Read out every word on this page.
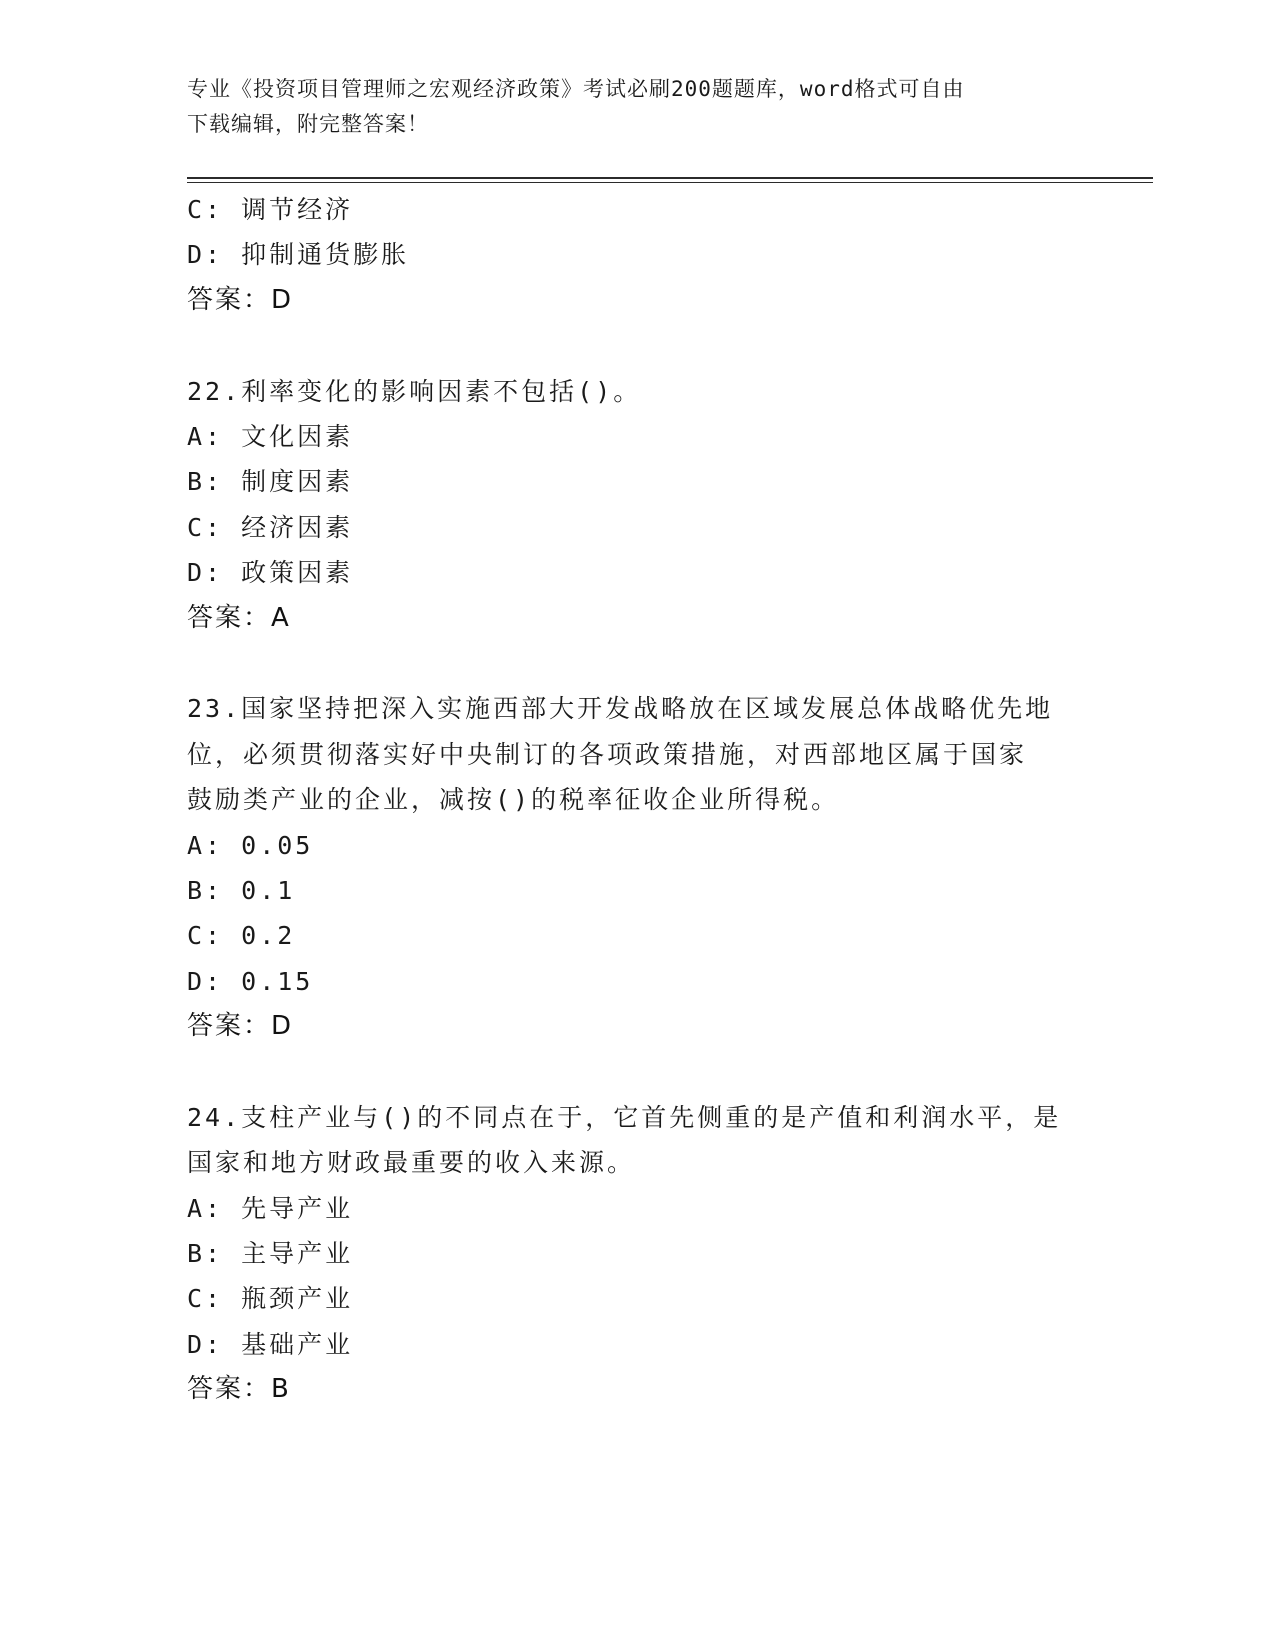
专业《投资项目管理师之宏观经济政策》考试必刷200题题库，word格式可自由
下载编辑，附完整答案！
C: 调节经济
D: 抑制通货膨胀
答案：D
22.利率变化的影响因素不包括()。
A: 文化因素
B: 制度因素
C: 经济因素
D: 政策因素
答案：A
23.国家坚持把深入实施西部大开发战略放在区域发展总体战略优先地
位，必须贯彻落实好中央制订的各项政策措施，对西部地区属于国家
鼓励类产业的企业，减按()的税率征收企业所得税。
A: 0.05
B: 0.1
C: 0.2
D: 0.15
答案：D
24.支柱产业与()的不同点在于，它首先侧重的是产值和利润水平，是
国家和地方财政最重要的收入来源。
A: 先导产业
B: 主导产业
C: 瓶颈产业
D: 基础产业
答案：B
